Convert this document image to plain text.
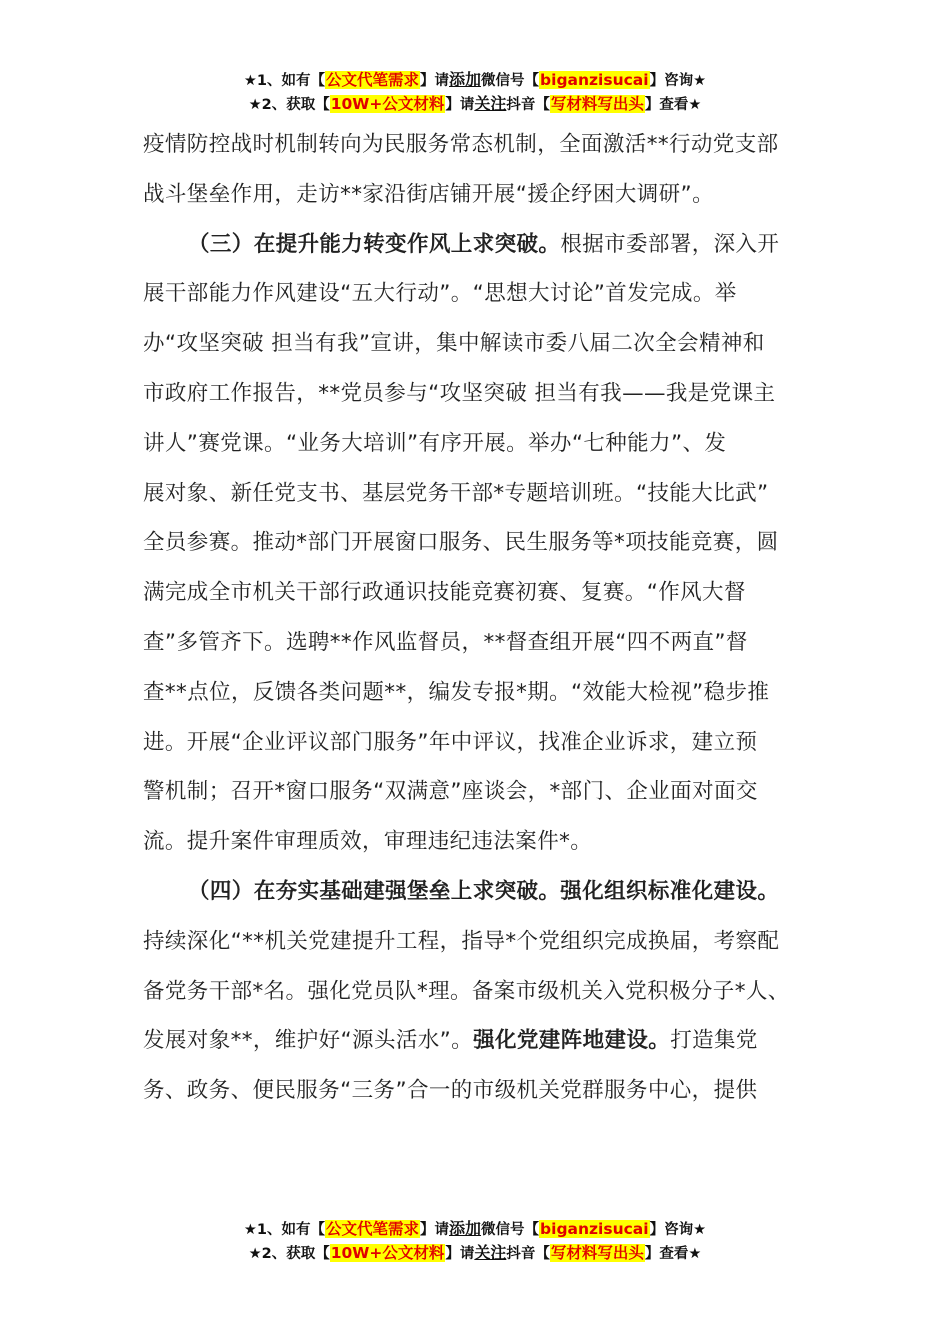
★1、如有【公文代笔需求】请添加微信号【biganzisucai】咨询★
★2、获取【10W+公文材料】请关注抖音【写材料写出头】查看★
疫情防控战时机制转向为民服务常态机制，全面激活**行动党支部
战斗堡垒作用，走访**家沿街店铺开展“援企纾困大调研”。
（三）在提升能力转变作风上求突破。根据市委部署，深入开
展干部能力作风建设“五大行动”。“思想大讨论”首发完成。举
办“攻坚突破 担当有我”宣讲，集中解读市委八届二次全会精神和
市政府工作报告，**党员参与“攻坚突破 担当有我——我是党课主
讲人”赛党课。“业务大培训”有序开展。举办“七种能力”、发
展对象、新任党支书、基层党务干部*专题培训班。“技能大比武”
全员参赛。推动*部门开展窗口服务、民生服务等*项技能竞赛，圆
满完成全市机关干部行政通识技能竞赛初赛、复赛。“作风大督
查”多管齐下。选聘**作风监督员，**督查组开展“四不两直”督
查**点位，反馈各类问题**，编发专报*期。“效能大检视”稳步推
进。开展“企业评议部门服务”年中评议，找准企业诉求，建立预
警机制；召开*窗口服务“双满意”座谈会，*部门、企业面对面交
流。提升案件审理质效，审理违纪违法案件*。
（四）在夯实基础建强堡垒上求突破。强化组织标准化建设。
持续深化“**机关党建提升工程，指导*个党组织完成换届，考察配
备党务干部*名。强化党员队*理。备案市级机关入党积极分子*人、
发展对象**，维护好“源头活水”。强化党建阵地建设。打造集党
务、政务、便民服务“三务”合一的市级机关党群服务中心，提供
★1、如有【公文代笔需求】请添加微信号【biganzisucai】咨询★
★2、获取【10W+公文材料】请关注抖音【写材料写出头】查看★
